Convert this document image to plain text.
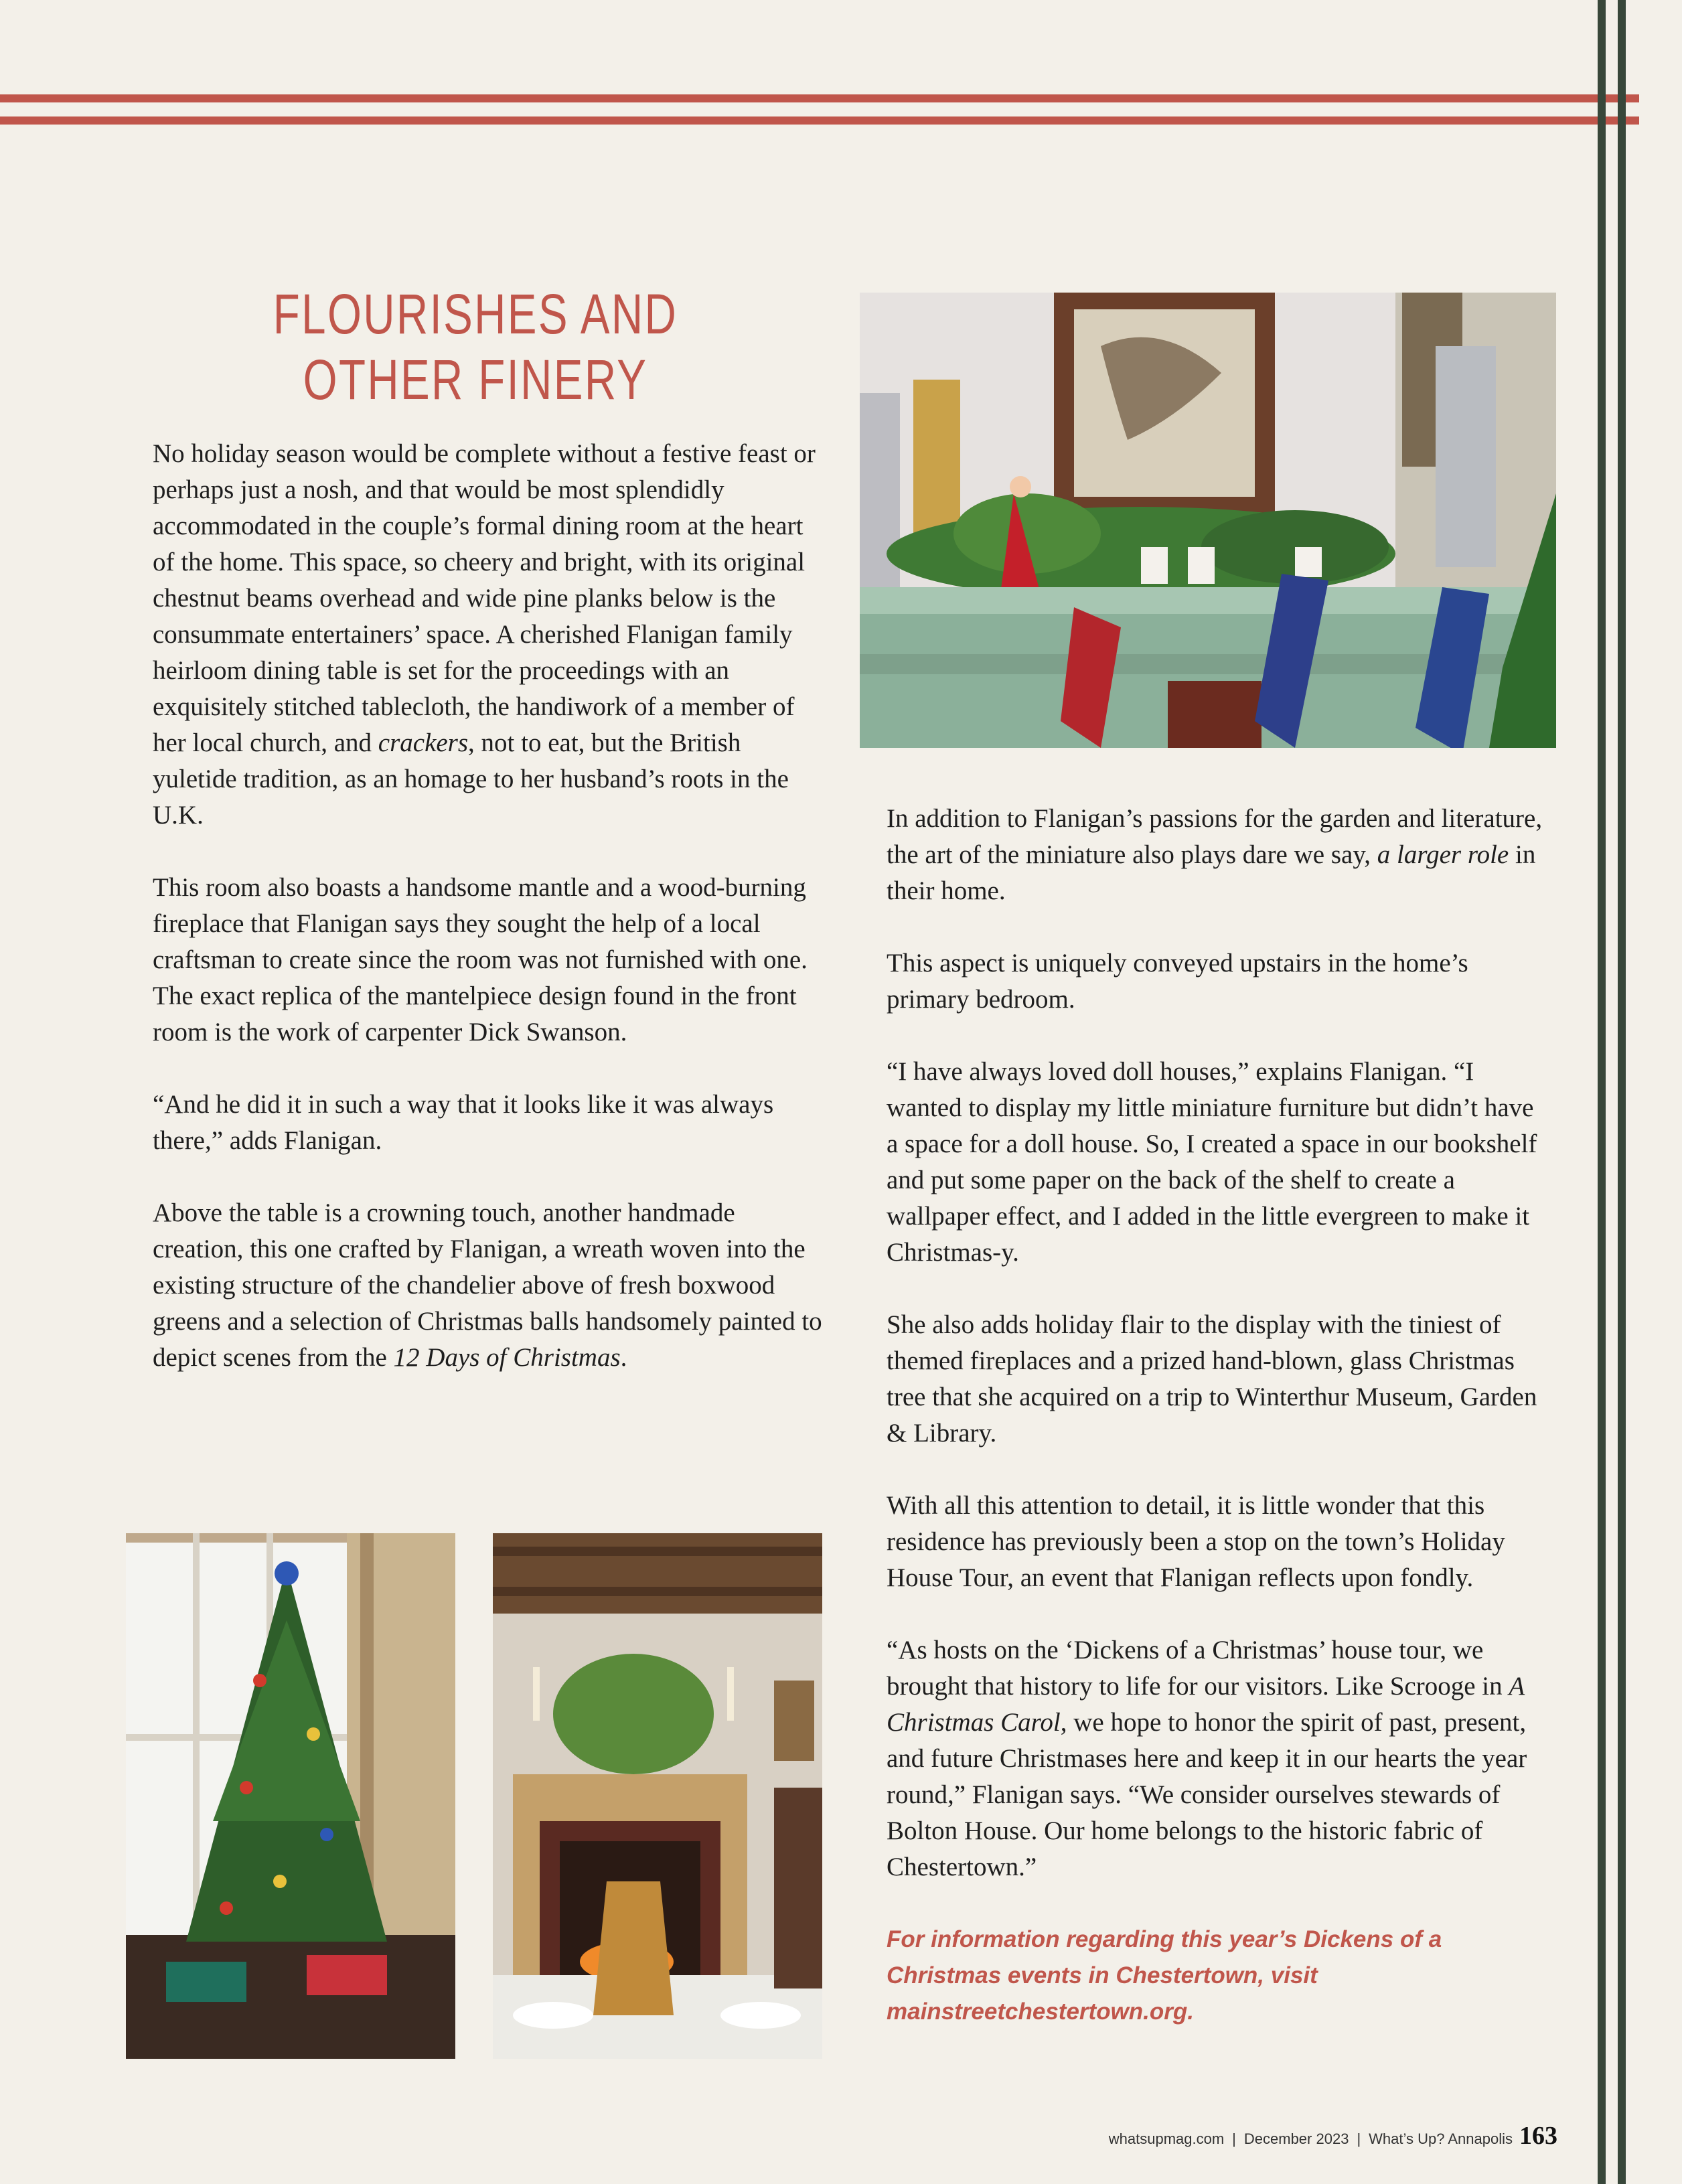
FLOURISHES AND
OTHER FINERY

No holiday season would be complete without a festive feast or perhaps just a nosh, and that would be most splendidly accommodated in the couple’s formal dining room at the heart of the home. This space, so cheery and bright, with its original chestnut beams overhead and wide pine planks below is the consummate entertainers’ space. A cherished Flanigan family heirloom dining table is set for the proceedings with an exquisitely stitched tablecloth, the handiwork of a member of her local church, and crackers, not to eat, but the British yuletide tradition, as an homage to her husband’s roots in the U.K.

This room also boasts a handsome mantle and a wood-burning fireplace that Flanigan says they sought the help of a local craftsman to create since the room was not furnished with one. The exact replica of the mantelpiece design found in the front room is the work of carpenter Dick Swanson.

“And he did it in such a way that it looks like it was always there,” adds Flanigan.

Above the table is a crowning touch, another handmade creation, this one crafted by Flanigan, a wreath woven into the existing structure of the chandelier above of fresh boxwood greens and a selection of Christmas balls handsomely painted to depict scenes from the 12 Days of Christmas.

In addition to Flanigan’s passions for the garden and literature, the art of the miniature also plays dare we say, a larger role in their home.

This aspect is uniquely conveyed upstairs in the home’s primary bedroom.

“I have always loved doll houses,” explains Flanigan. “I wanted to display my little miniature furniture but didn’t have a space for a doll house. So, I created a space in our bookshelf and put some paper on the back of the shelf to create a wallpaper effect, and I added in the little evergreen to make it Christmas-y.

She also adds holiday flair to the display with the tiniest of themed fireplaces and a prized hand-blown, glass Christmas tree that she acquired on a trip to Winterthur Museum, Garden & Library.

With all this attention to detail, it is little wonder that this residence has previously been a stop on the town’s Holiday House Tour, an event that Flanigan reflects upon fondly.

“As hosts on the ‘Dickens of a Christmas’ house tour, we brought that history to life for our visitors. Like Scrooge in A Christmas Carol, we hope to honor the spirit of past, present, and future Christmases here and keep it in our hearts the year round,” Flanigan says. “We consider ourselves stewards of Bolton House. Our home belongs to the historic fabric of Chestertown.”

For information regarding this year’s Dickens of a Christmas events in Chestertown, visit mainstreetchestertown.org.
whatsupmag.com | December 2023 | What’s Up? Annapolis 163
